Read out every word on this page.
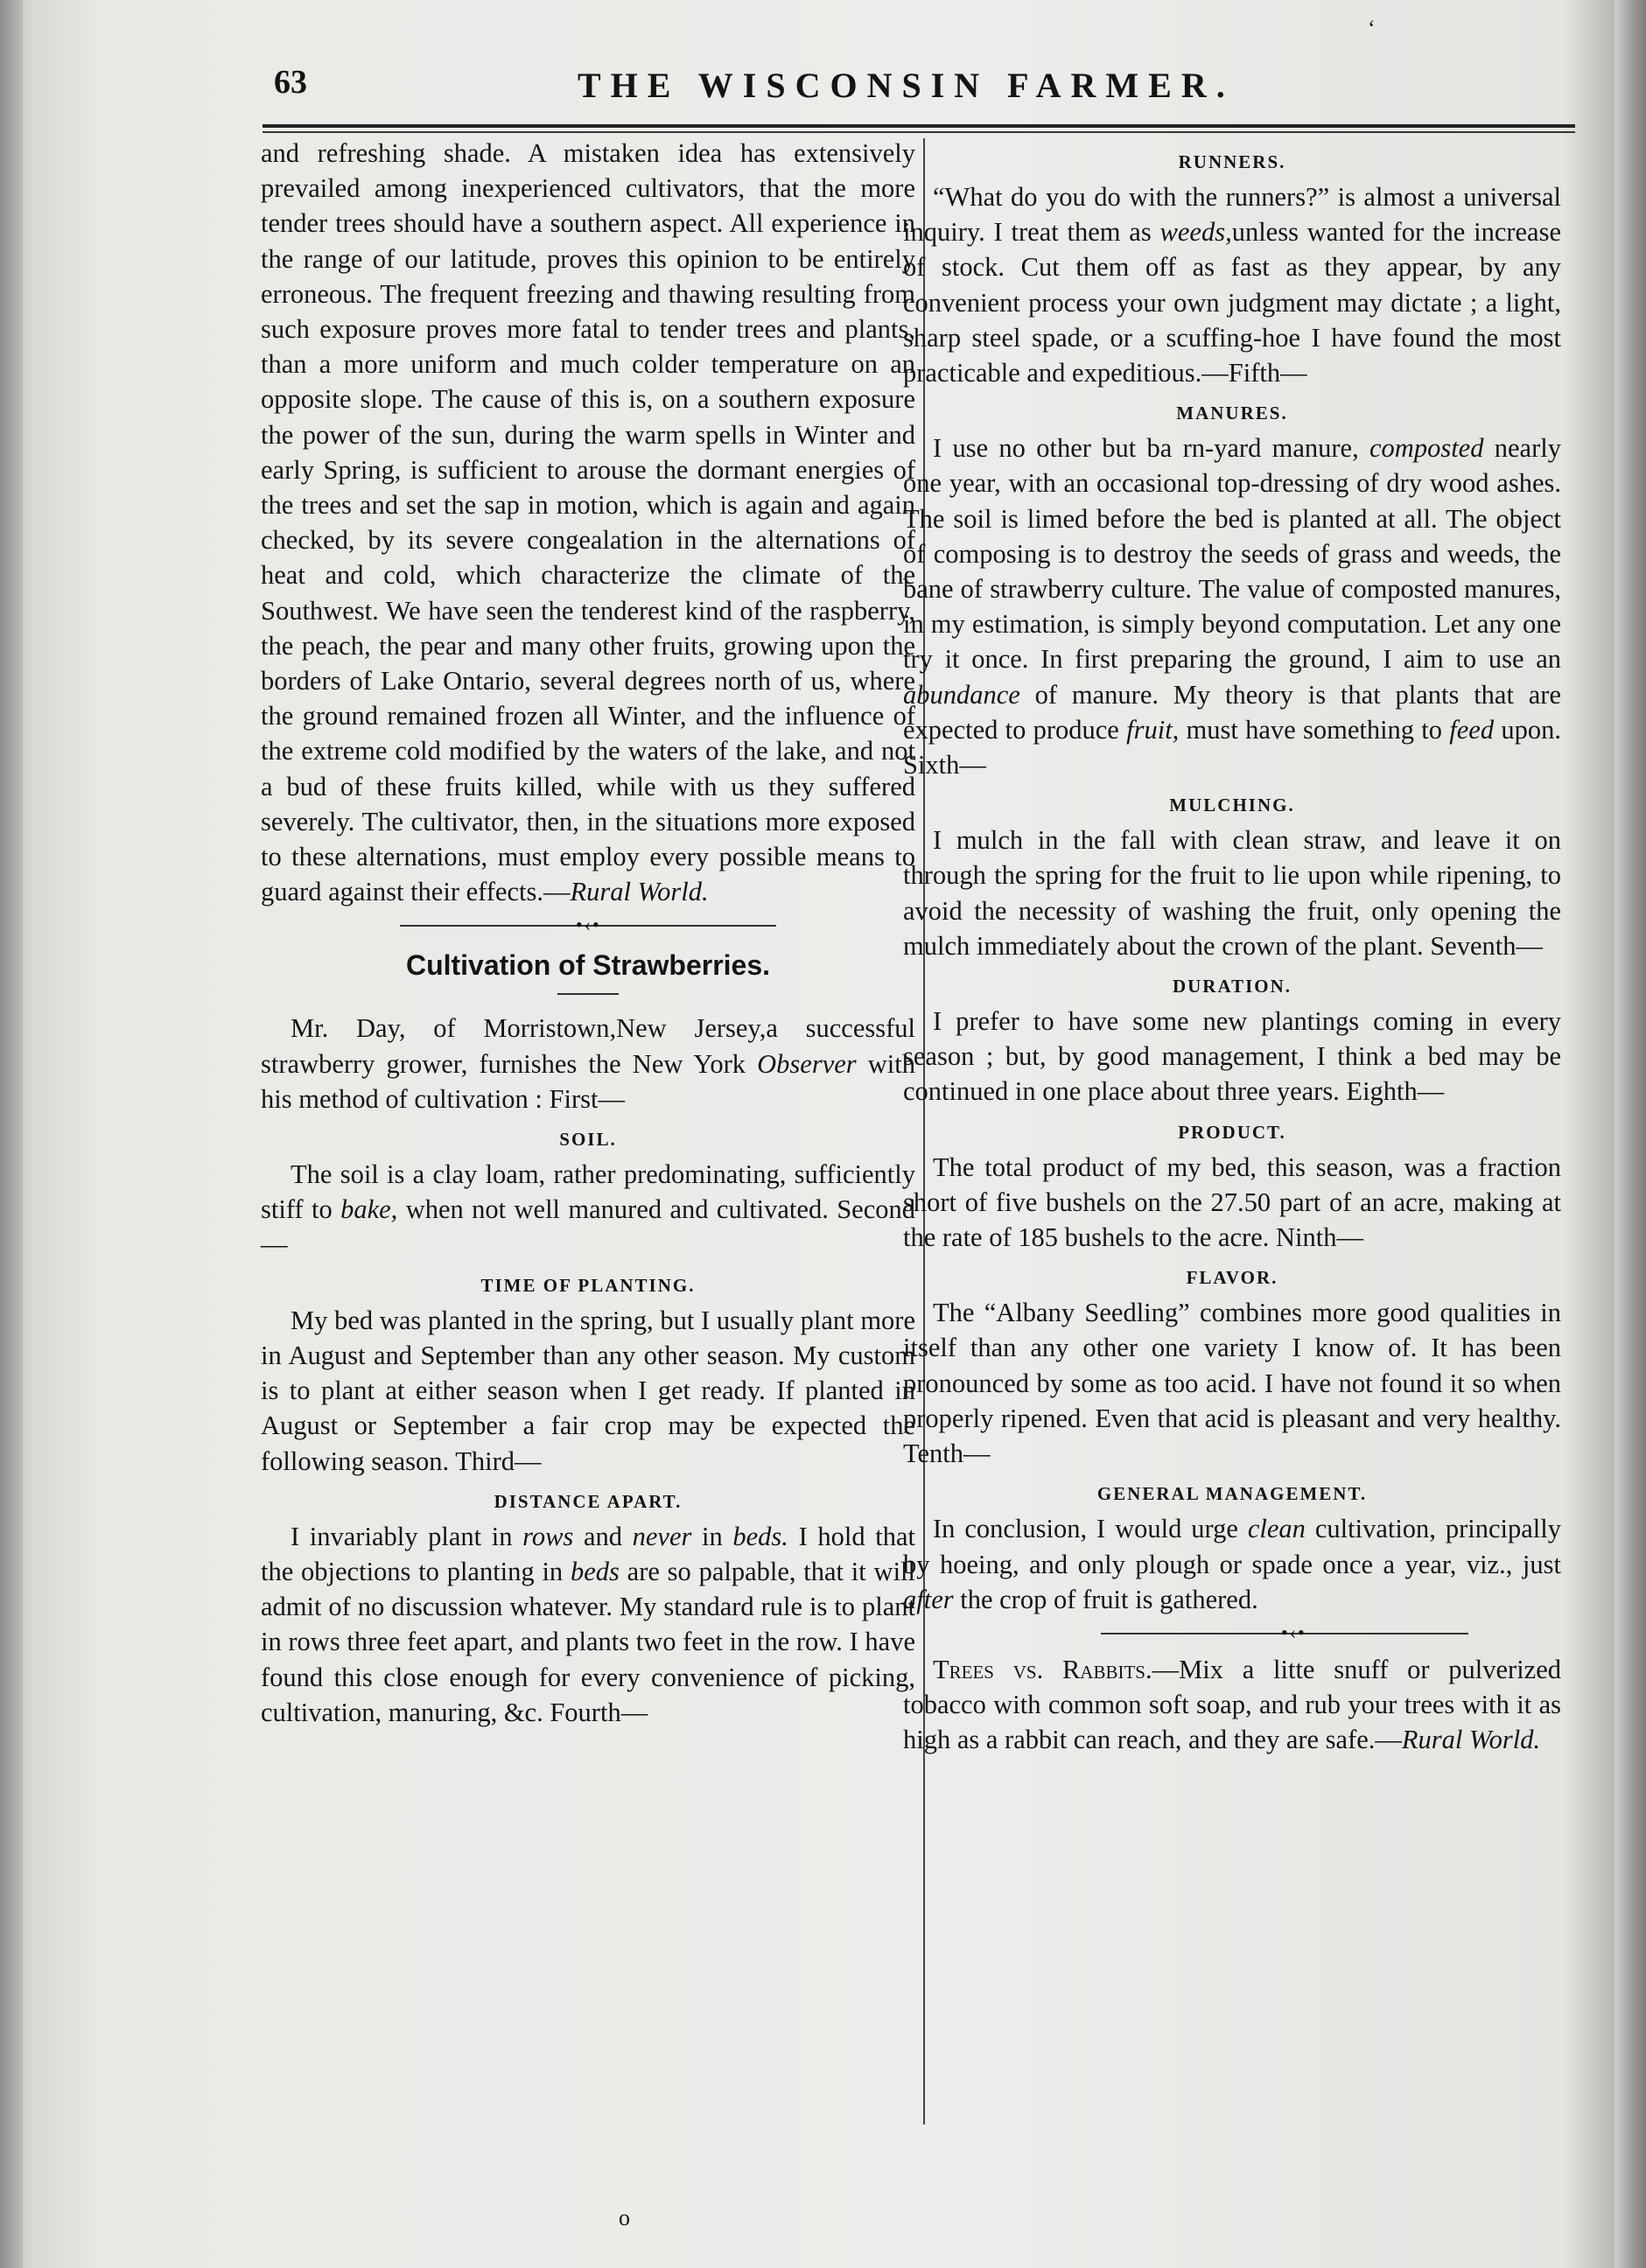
63	THE WISCONSIN FARMER.

and refreshing shade. A mistaken idea has extensively prevailed among inexperienced cultivators, that the more tender trees should have a southern aspect. All experience in the range of our latitude, proves this opinion to be entirely erroneous. The frequent freezing and thawing resulting from such exposure proves more fatal to tender trees and plants, than a more uniform and much colder temperature on an opposite slope. The cause of this is, on a southern exposure the power of the sun, during the warm spells in Winter and early Spring, is sufficient to arouse the dormant energies of the trees and set the sap in motion, which is again and again checked, by its severe congealation in the alternations of heat and cold, which characterize the climate of the Southwest. We have seen the tenderest kind of the raspberry, the peach, the pear and many other fruits, growing upon the borders of Lake Ontario, several degrees north of us, where the ground remained frozen all Winter, and the influence of the extreme cold modified by the waters of the lake, and not a bud of these fruits killed, while with us they suffered severely. The cultivator, then, in the situations more exposed to these alternations, must employ every possible means to guard against their effects.—Rural World.

•‹•
Cultivation of Strawberries.

Mr. Day, of Morristown,New Jersey,a successful strawberry grower, furnishes the New York Observer with his method of cultivation : First—

SOIL.

The soil is a clay loam, rather predominating, sufficiently stiff to bake, when not well manured and cultivated. Second—

TIME OF PLANTING.

My bed was planted in the spring, but I usually plant more in August and September than any other season. My custom is to plant at either season when I get ready. If planted in August or September a fair crop may be expected the following season. Third—

DISTANCE APART.

I invariably plant in rows and never in beds. I hold that the objections to planting in beds are so palpable, that it will admit of no discussion whatever. My standard rule is to plant in rows three feet apart, and plants two feet in the row. I have found this close enough for every convenience of picking, cultivation, manuring, &c. Fourth—

RUNNERS.

“What do you do with the runners?” is almost a universal inquiry. I treat them as weeds,unless wanted for the increase of stock. Cut them off as fast as they appear, by any convenient process your own judgment may dictate ; a light, sharp steel spade, or a scuffing-hoe I have found the most practicable and expeditious.—Fifth—

MANURES.

I use no other but ba rn-yard manure, composted nearly one year, with an occasional top-dressing of dry wood ashes. The soil is limed before the bed is planted at all. The object of composing is to destroy the seeds of grass and weeds, the bane of strawberry culture. The value of composted manures, in my estimation, is simply beyond computation. Let any one try it once. In first preparing the ground, I aim to use an abundance of manure. My theory is that plants that are expected to produce fruit, must have something to feed upon. Sixth—

MULCHING.

I mulch in the fall with clean straw, and leave it on through the spring for the fruit to lie upon while ripening, to avoid the necessity of washing the fruit, only opening the mulch immediately about the crown of the plant. Seventh—

DURATION.

I prefer to have some new plantings coming in every season ; but, by good management, I think a bed may be continued in one place about three years. Eighth—

PRODUCT.

The total product of my bed, this season, was a fraction short of five bushels on the 27.50 part of an acre, making at the rate of 185 bushels to the acre. Ninth—

FLAVOR.

The “Albany Seedling” combines more good qualities in itself than any other one variety I know of. It has been pronounced by some as too acid. I have not found it so when properly ripened. Even that acid is pleasant and very healthy. Tenth—

GENERAL MANAGEMENT.

In conclusion, I would urge clean cultivation, principally by hoeing, and only plough or spade once a year, viz., just after the crop of fruit is gathered.

•‹•

Trees vs. Rabbits.—Mix a litte snuff or pulverized tobacco with common soft soap, and rub your trees with it as high as a rabbit can reach, and they are safe.—Rural World.

o
ʻ
